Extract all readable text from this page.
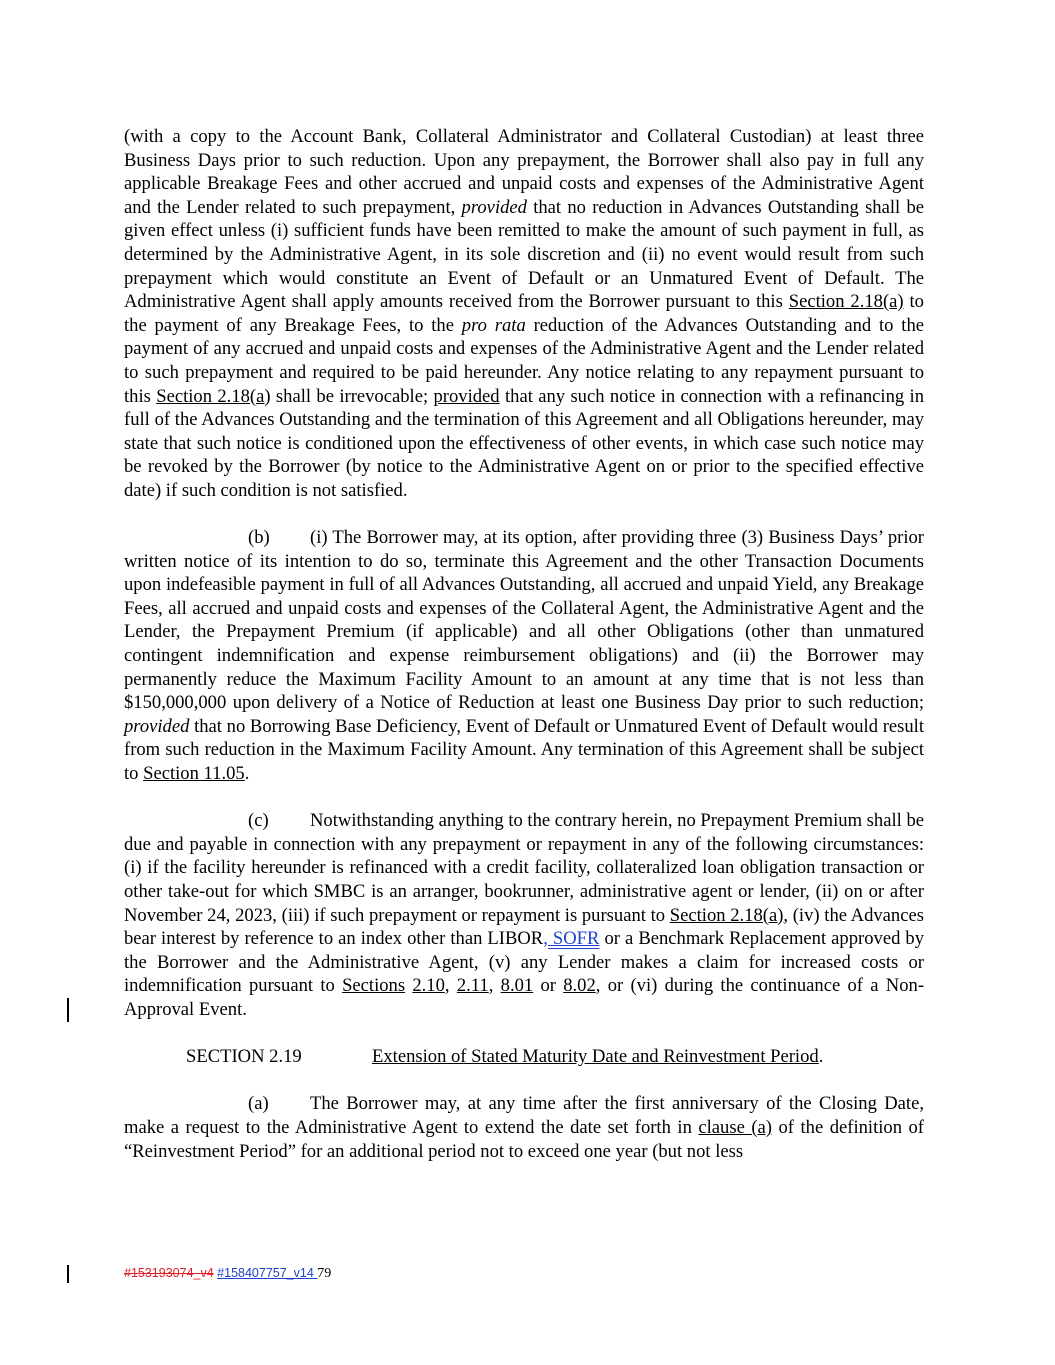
(with a copy to the Account Bank, Collateral Administrator and Collateral Custodian) at least three Business Days prior to such reduction. Upon any prepayment, the Borrower shall also pay in full any applicable Breakage Fees and other accrued and unpaid costs and expenses of the Administrative Agent and the Lender related to such prepayment, provided that no reduction in Advances Outstanding shall be given effect unless (i) sufficient funds have been remitted to make the amount of such payment in full, as determined by the Administrative Agent, in its sole discretion and (ii) no event would result from such prepayment which would constitute an Event of Default or an Unmatured Event of Default. The Administrative Agent shall apply amounts received from the Borrower pursuant to this Section 2.18(a) to the payment of any Breakage Fees, to the pro rata reduction of the Advances Outstanding and to the payment of any accrued and unpaid costs and expenses of the Administrative Agent and the Lender related to such prepayment and required to be paid hereunder. Any notice relating to any repayment pursuant to this Section 2.18(a) shall be irrevocable; provided that any such notice in connection with a refinancing in full of the Advances Outstanding and the termination of this Agreement and all Obligations hereunder, may state that such notice is conditioned upon the effectiveness of other events, in which case such notice may be revoked by the Borrower (by notice to the Administrative Agent on or prior to the specified effective date) if such condition is not satisfied.

(b) (i) The Borrower may, at its option, after providing three (3) Business Days’ prior written notice of its intention to do so, terminate this Agreement and the other Transaction Documents upon indefeasible payment in full of all Advances Outstanding, all accrued and unpaid Yield, any Breakage Fees, all accrued and unpaid costs and expenses of the Collateral Agent, the Administrative Agent and the Lender, the Prepayment Premium (if applicable) and all other Obligations (other than unmatured contingent indemnification and expense reimbursement obligations) and (ii) the Borrower may permanently reduce the Maximum Facility Amount to an amount at any time that is not less than $150,000,000 upon delivery of a Notice of Reduction at least one Business Day prior to such reduction; provided that no Borrowing Base Deficiency, Event of Default or Unmatured Event of Default would result from such reduction in the Maximum Facility Amount. Any termination of this Agreement shall be subject to Section 11.05.

(c) Notwithstanding anything to the contrary herein, no Prepayment Premium shall be due and payable in connection with any prepayment or repayment in any of the following circumstances: (i) if the facility hereunder is refinanced with a credit facility, collateralized loan obligation transaction or other take-out for which SMBC is an arranger, bookrunner, administrative agent or lender, (ii) on or after November 24, 2023, (iii) if such prepayment or repayment is pursuant to Section 2.18(a), (iv) the Advances bear interest by reference to an index other than LIBOR, SOFR or a Benchmark Replacement approved by the Borrower and the Administrative Agent, (v) any Lender makes a claim for increased costs or indemnification pursuant to Sections 2.10, 2.11, 8.01 or 8.02, or (vi) during the continuance of a Non-Approval Event.

SECTION 2.19	Extension of Stated Maturity Date and Reinvestment Period.

(a) The Borrower may, at any time after the first anniversary of the Closing Date, make a request to the Administrative Agent to extend the date set forth in clause (a) of the definition of “Reinvestment Period” for an additional period not to exceed one year (but not less

#153193074_v4 #158407757_v14 79
